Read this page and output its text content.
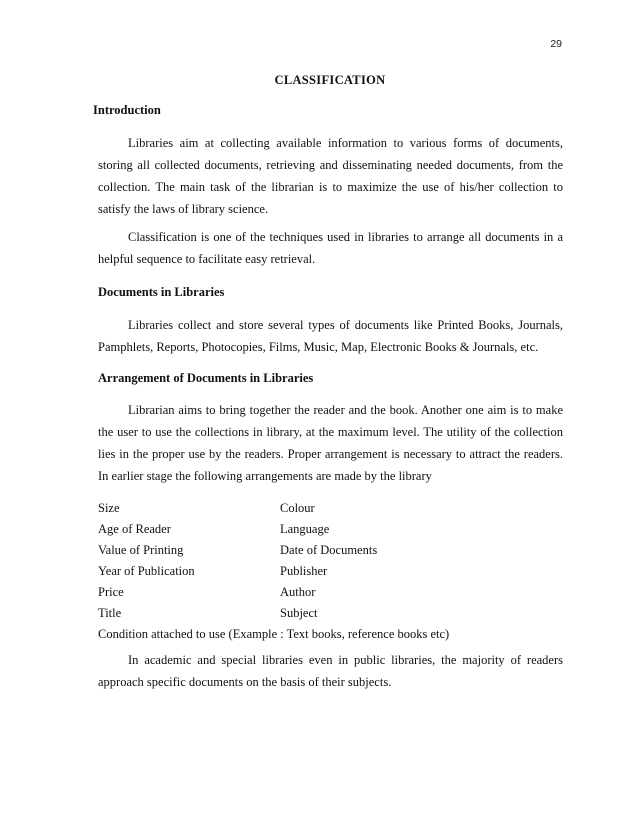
29
CLASSIFICATION
Introduction

Libraries aim at collecting available information to various forms of documents, storing all collected documents, retrieving and disseminating needed documents, from the collection. The main task of the librarian is to maximize the use of his/her collection to satisfy the laws of library science.

Classification is one of the techniques used in libraries to arrange all documents in a helpful sequence to facilitate easy retrieval.

Documents in Libraries

Libraries collect and store several types of documents like Printed Books, Journals, Pamphlets, Reports, Photocopies, Films, Music, Map, Electronic Books & Journals, etc.

Arrangement of Documents in Libraries

Librarian aims to bring together the reader and the book. Another one aim is to make the user to use the collections in library, at the maximum level. The utility of the collection lies in the proper use by the readers. Proper arrangement is necessary to attract the readers. In earlier stage the following arrangements are made by the library

Size	Colour
Age of Reader	Language
Value of Printing	Date of Documents
Year of Publication	Publisher
Price	Author
Title	Subject
Condition attached to use (Example : Text books, reference books etc)

In academic and special libraries even in public libraries, the majority of readers approach specific documents on the basis of their subjects.
